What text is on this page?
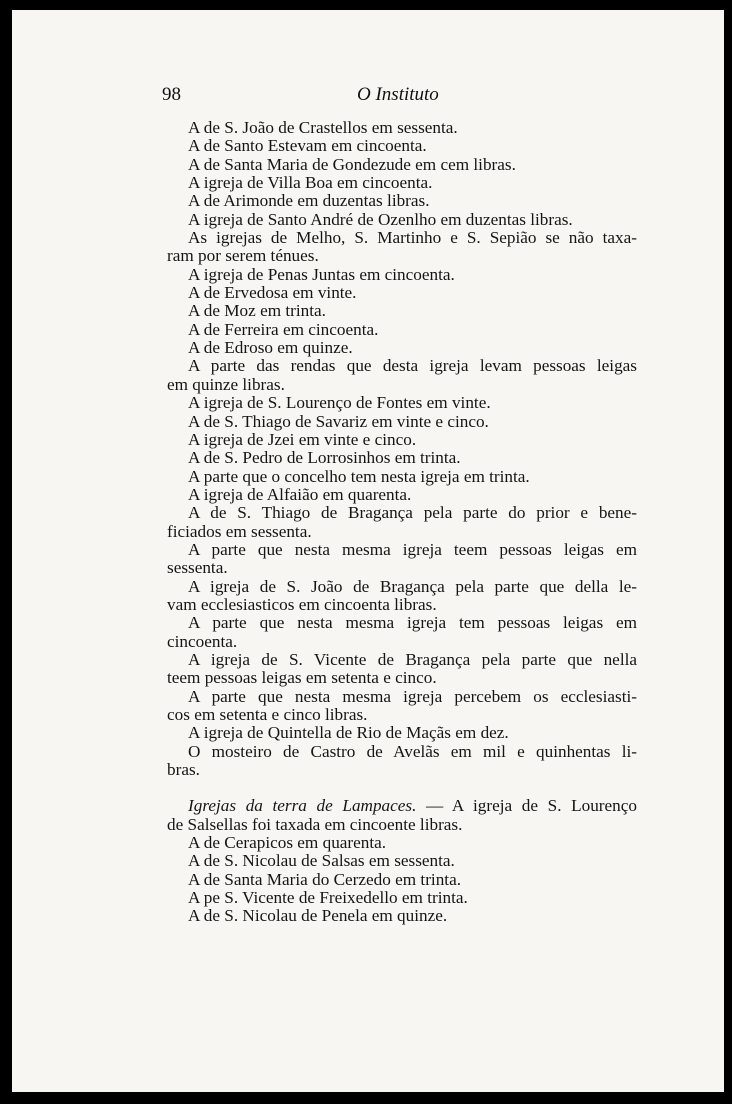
98	O Instituto
A de S. João de Crastellos em sessenta.
A de Santo Estevam em cincoenta.
A de Santa Maria de Gondezude em cem libras.
A igreja de Villa Boa em cincoenta.
A de Arimonde em duzentas libras.
A igreja de Santo André de Ozenlho em duzentas libras.
As igrejas de Melho, S. Martinho e S. Sepião se não taxa-
ram por serem ténues.
A igreja de Penas Juntas em cincoenta.
A de Ervedosa em vinte.
A de Moz em trinta.
A de Ferreira em cincoenta.
A de Edroso em quinze.
A parte das rendas que desta igreja levam pessoas leigas
em quinze libras.
A igreja de S. Lourenço de Fontes em vinte.
A de S. Thiago de Savariz em vinte e cinco.
A igreja de Jzei em vinte e cinco.
A de S. Pedro de Lorrosinhos em trinta.
A parte que o concelho tem nesta igreja em trinta.
A igreja de Alfaião em quarenta.
A de S. Thiago de Bragança pela parte do prior e bene-
ficiados em sessenta.
A parte que nesta mesma igreja teem pessoas leigas em
sessenta.
A igreja de S. João de Bragança pela parte que della le-
vam ecclesiasticos em cincoenta libras.
A parte que nesta mesma igreja tem pessoas leigas em
cincoenta.
A igreja de S. Vicente de Bragança pela parte que nella
teem pessoas leigas em setenta e cinco.
A parte que nesta mesma igreja percebem os ecclesiasti-
cos em setenta e cinco libras.
A igreja de Quintella de Rio de Maçãs em dez.
O mosteiro de Castro de Avelãs em mil e quinhentas li-
bras.
Igrejas da terra de Lampaces. — A igreja de S. Lourenço
de Salsellas foi taxada em cincoente libras.
A de Cerapicos em quarenta.
A de S. Nicolau de Salsas em sessenta.
A de Santa Maria do Cerzedo em trinta.
A pe S. Vicente de Freixedello em trinta.
A de S. Nicolau de Penela em quinze.
